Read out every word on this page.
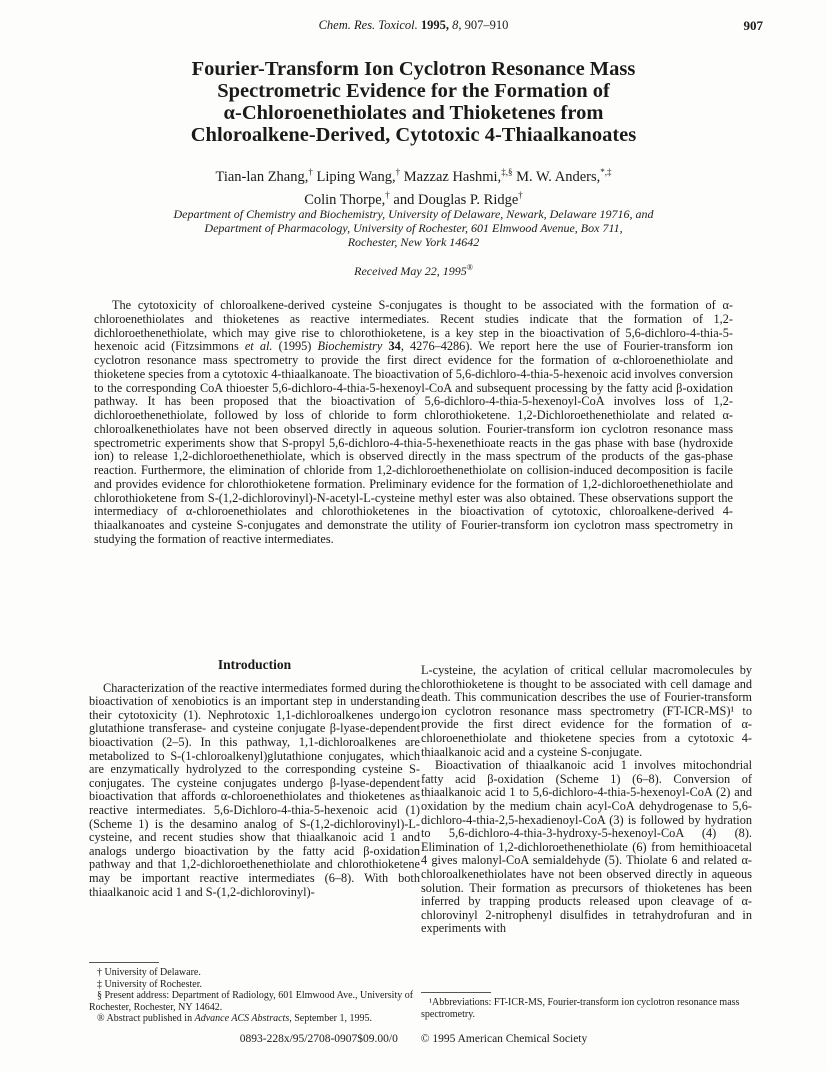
Chem. Res. Toxicol. 1995, 8, 907–910	907
Fourier-Transform Ion Cyclotron Resonance Mass
Spectrometric Evidence for the Formation of
α-Chloroenethiolates and Thioketenes from
Chloroalkene-Derived, Cytotoxic 4-Thiaalkanoates
Tian-lan Zhang,† Liping Wang,† Mazzaz Hashmi,‡,§ M. W. Anders,*,‡
Colin Thorpe,† and Douglas P. Ridge†
Department of Chemistry and Biochemistry, University of Delaware, Newark, Delaware 19716, and
Department of Pharmacology, University of Rochester, 601 Elmwood Avenue, Box 711,
Rochester, New York 14642
Received May 22, 1995®
The cytotoxicity of chloroalkene-derived cysteine S-conjugates is thought to be associated with the formation of α-chloroenethiolates and thioketenes as reactive intermediates. Recent studies indicate that the formation of 1,2-dichloroethenethiolate, which may give rise to chlorothioketene, is a key step in the bioactivation of 5,6-dichloro-4-thia-5-hexenoic acid (Fitzsimmons et al. (1995) Biochemistry 34, 4276–4286). We report here the use of Fourier-transform ion cyclotron resonance mass spectrometry to provide the first direct evidence for the formation of α-chloroenethiolate and thioketene species from a cytotoxic 4-thiaalkanoate. The bioactivation of 5,6-dichloro-4-thia-5-hexenoic acid involves conversion to the corresponding CoA thioester 5,6-dichloro-4-thia-5-hexenoyl-CoA and subsequent processing by the fatty acid β-oxidation pathway. It has been proposed that the bioactivation of 5,6-dichloro-4-thia-5-hexenoyl-CoA involves loss of 1,2-dichloroethenethiolate, followed by loss of chloride to form chlorothioketene. 1,2-Dichloroethenethiolate and related α-chloroalkenethiolates have not been observed directly in aqueous solution. Fourier-transform ion cyclotron resonance mass spectrometric experiments show that S-propyl 5,6-dichloro-4-thia-5-hexenethioate reacts in the gas phase with base (hydroxide ion) to release 1,2-dichloroethenethiolate, which is observed directly in the mass spectrum of the products of the gas-phase reaction. Furthermore, the elimination of chloride from 1,2-dichloroethenethiolate on collision-induced decomposition is facile and provides evidence for chlorothioketene formation. Preliminary evidence for the formation of 1,2-dichloroethenethiolate and chlorothioketene from S-(1,2-dichlorovinyl)-N-acetyl-L-cysteine methyl ester was also obtained. These observations support the intermediacy of α-chloroenethiolates and chlorothioketenes in the bioactivation of cytotoxic, chloroalkene-derived 4-thiaalkanoates and cysteine S-conjugates and demonstrate the utility of Fourier-transform ion cyclotron mass spectrometry in studying the formation of reactive intermediates.
Introduction

Characterization of the reactive intermediates formed during the bioactivation of xenobiotics is an important step in understanding their cytotoxicity (1). Nephrotoxic 1,1-dichloroalkenes undergo glutathione transferase- and cysteine conjugate β-lyase-dependent bioactivation (2–5). In this pathway, 1,1-dichloroalkenes are metabolized to S-(1-chloroalkenyl)glutathione conjugates, which are enzymatically hydrolyzed to the corresponding cysteine S-conjugates. The cysteine conjugates undergo β-lyase-dependent bioactivation that affords α-chloroenethiolates and thioketenes as reactive intermediates. 5,6-Dichloro-4-thia-5-hexenoic acid (1) (Scheme 1) is the desamino analog of S-(1,2-dichlorovinyl)-L-cysteine, and recent studies show that thiaalkanoic acid 1 and analogs undergo bioactivation by the fatty acid β-oxidation pathway and that 1,2-dichloroethenethiolate and chlorothioketene may be important reactive intermediates (6–8). With both thiaalkanoic acid 1 and S-(1,2-dichlorovinyl)-

L-cysteine, the acylation of critical cellular macromolecules by chlorothioketene is thought to be associated with cell damage and death. This communication describes the use of Fourier-transform ion cyclotron resonance mass spectrometry (FT-ICR-MS)¹ to provide the first direct evidence for the formation of α-chloroenethiolate and thioketene species from a cytotoxic 4-thiaalkanoic acid and a cysteine S-conjugate.

Bioactivation of thiaalkanoic acid 1 involves mitochondrial fatty acid β-oxidation (Scheme 1) (6–8). Conversion of thiaalkanoic acid 1 to 5,6-dichloro-4-thia-5-hexenoyl-CoA (2) and oxidation by the medium chain acyl-CoA dehydrogenase to 5,6-dichloro-4-thia-2,5-hexadienoyl-CoA (3) is followed by hydration to 5,6-dichloro-4-thia-3-hydroxy-5-hexenoyl-CoA (4) (8). Elimination of 1,2-dichloroethenethiolate (6) from hemithioacetal 4 gives malonyl-CoA semialdehyde (5). Thiolate 6 and related α-chloroalkenethiolates have not been observed directly in aqueous solution. Their formation as precursors of thioketenes has been inferred by trapping products released upon cleavage of α-chlorovinyl 2-nitrophenyl disulfides in tetrahydrofuran and in experiments with

† University of Delaware.

‡ University of Rochester.

§ Present address: Department of Radiology, 601 Elmwood Ave., University of Rochester, Rochester, NY 14642.

® Abstract published in Advance ACS Abstracts, September 1, 1995.

¹Abbreviations: FT-ICR-MS, Fourier-transform ion cyclotron resonance mass spectrometry.

0893-228x/95/2708-0907$09.00/0 © 1995 American Chemical Society
